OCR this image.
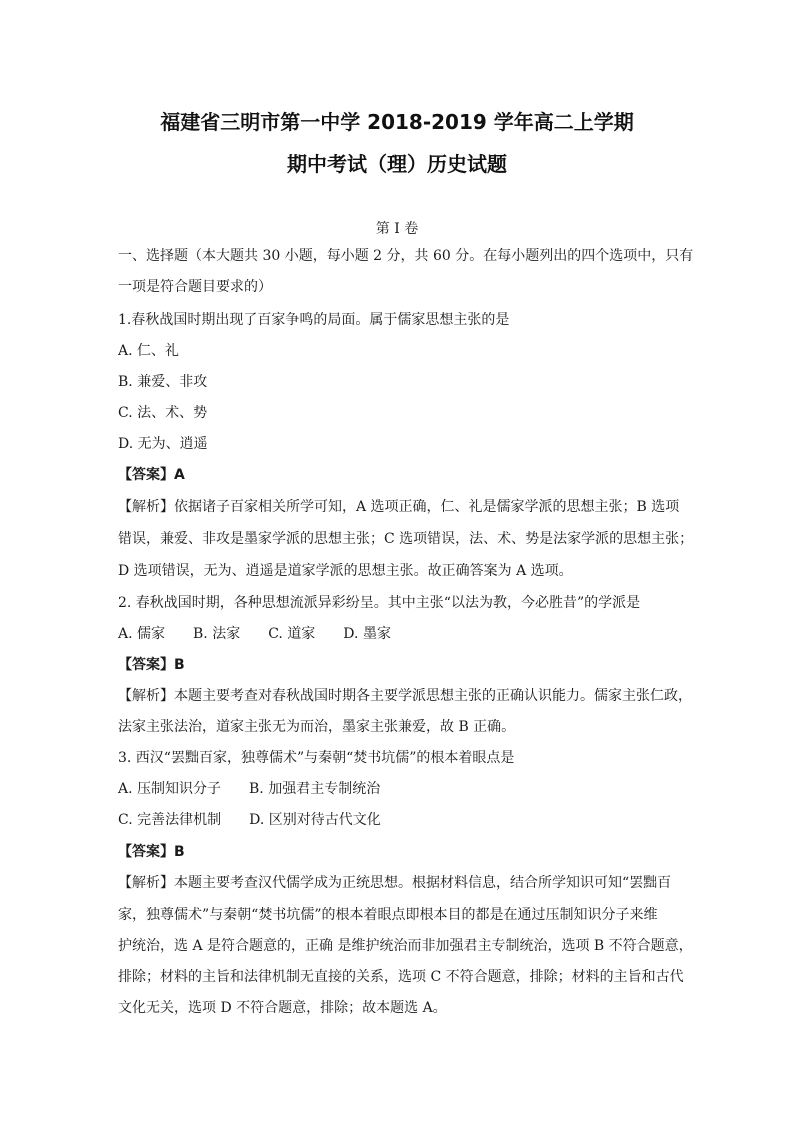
福建省三明市第一中学 2018-2019 学年高二上学期
期中考试（理）历史试题
第 I 卷
一、选择题（本大题共 30 小题，每小题 2 分，共 60 分。在每小题列出的四个选项中，只有
一项是符合题目要求的）
1.春秋战国时期出现了百家争鸣的局面。属于儒家思想主张的是
A. 仁、礼
B. 兼爱、非攻
C. 法、术、势
D. 无为、逍遥
【答案】A
【解析】依据诸子百家相关所学可知，A 选项正确，仁、礼是儒家学派的思想主张；B 选项
错误，兼爱、非攻是墨家学派的思想主张；C 选项错误，法、术、势是法家学派的思想主张；
D 选项错误，无为、逍遥是道家学派的思想主张。故正确答案为 A 选项。
2. 春秋战国时期，各种思想流派异彩纷呈。其中主张“以法为教，今必胜昔”的学派是
A. 儒家　　B. 法家　　C. 道家　　D. 墨家
【答案】B
【解析】本题主要考查对春秋战国时期各主要学派思想主张的正确认识能力。儒家主张仁政，
法家主张法治，道家主张无为而治，墨家主张兼爱，故 B 正确。
3. 西汉“罢黜百家，独尊儒术”与秦朝“焚书坑儒”的根本着眼点是
A. 压制知识分子　　B. 加强君主专制统治
C. 完善法律机制　　D. 区别对待古代文化
【答案】B
【解析】本题主要考查汉代儒学成为正统思想。根据材料信息，结合所学知识可知“罢黜百
家，独尊儒术”与秦朝“焚书坑儒”的根本着眼点即根本目的都是在通过压制知识分子来维
护统治，选 A 是符合题意的，正确 是维护统治而非加强君主专制统治，选项 B 不符合题意，
排除；材料的主旨和法律机制无直接的关系，选项 C 不符合题意，排除；材料的主旨和古代
文化无关，选项 D 不符合题意，排除；故本题选 A。
